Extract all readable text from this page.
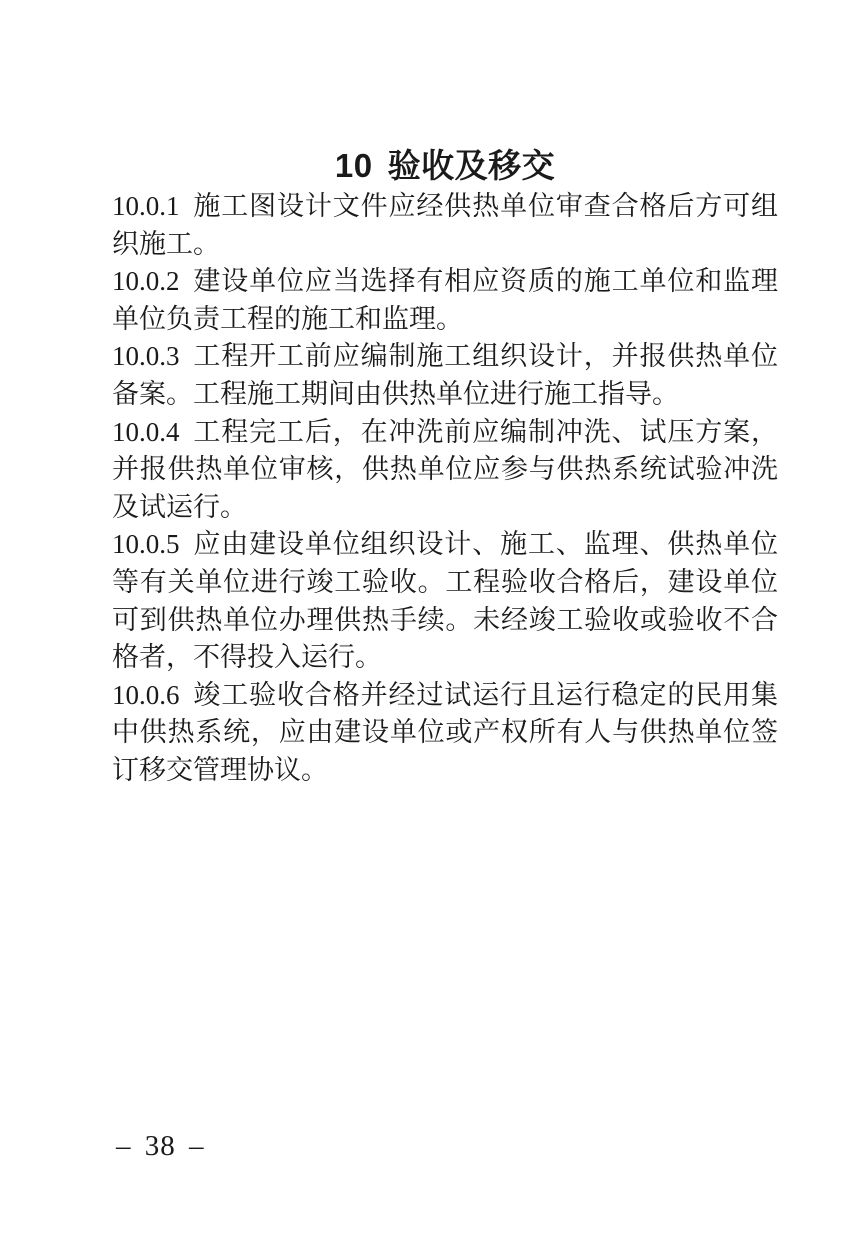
10 验收及移交
10.0.1 施工图设计文件应经供热单位审查合格后方可组
织施工。
10.0.2 建设单位应当选择有相应资质的施工单位和监理
单位负责工程的施工和监理。
10.0.3 工程开工前应编制施工组织设计，并报供热单位
备案。工程施工期间由供热单位进行施工指导。
10.0.4 工程完工后，在冲洗前应编制冲洗、试压方案，
并报供热单位审核，供热单位应参与供热系统试验冲洗
及试运行。
10.0.5 应由建设单位组织设计、施工、监理、供热单位
等有关单位进行竣工验收。工程验收合格后，建设单位
可到供热单位办理供热手续。未经竣工验收或验收不合
格者，不得投入运行。
10.0.6 竣工验收合格并经过试运行且运行稳定的民用集
中供热系统，应由建设单位或产权所有人与供热单位签
订移交管理协议。
– 38 –
